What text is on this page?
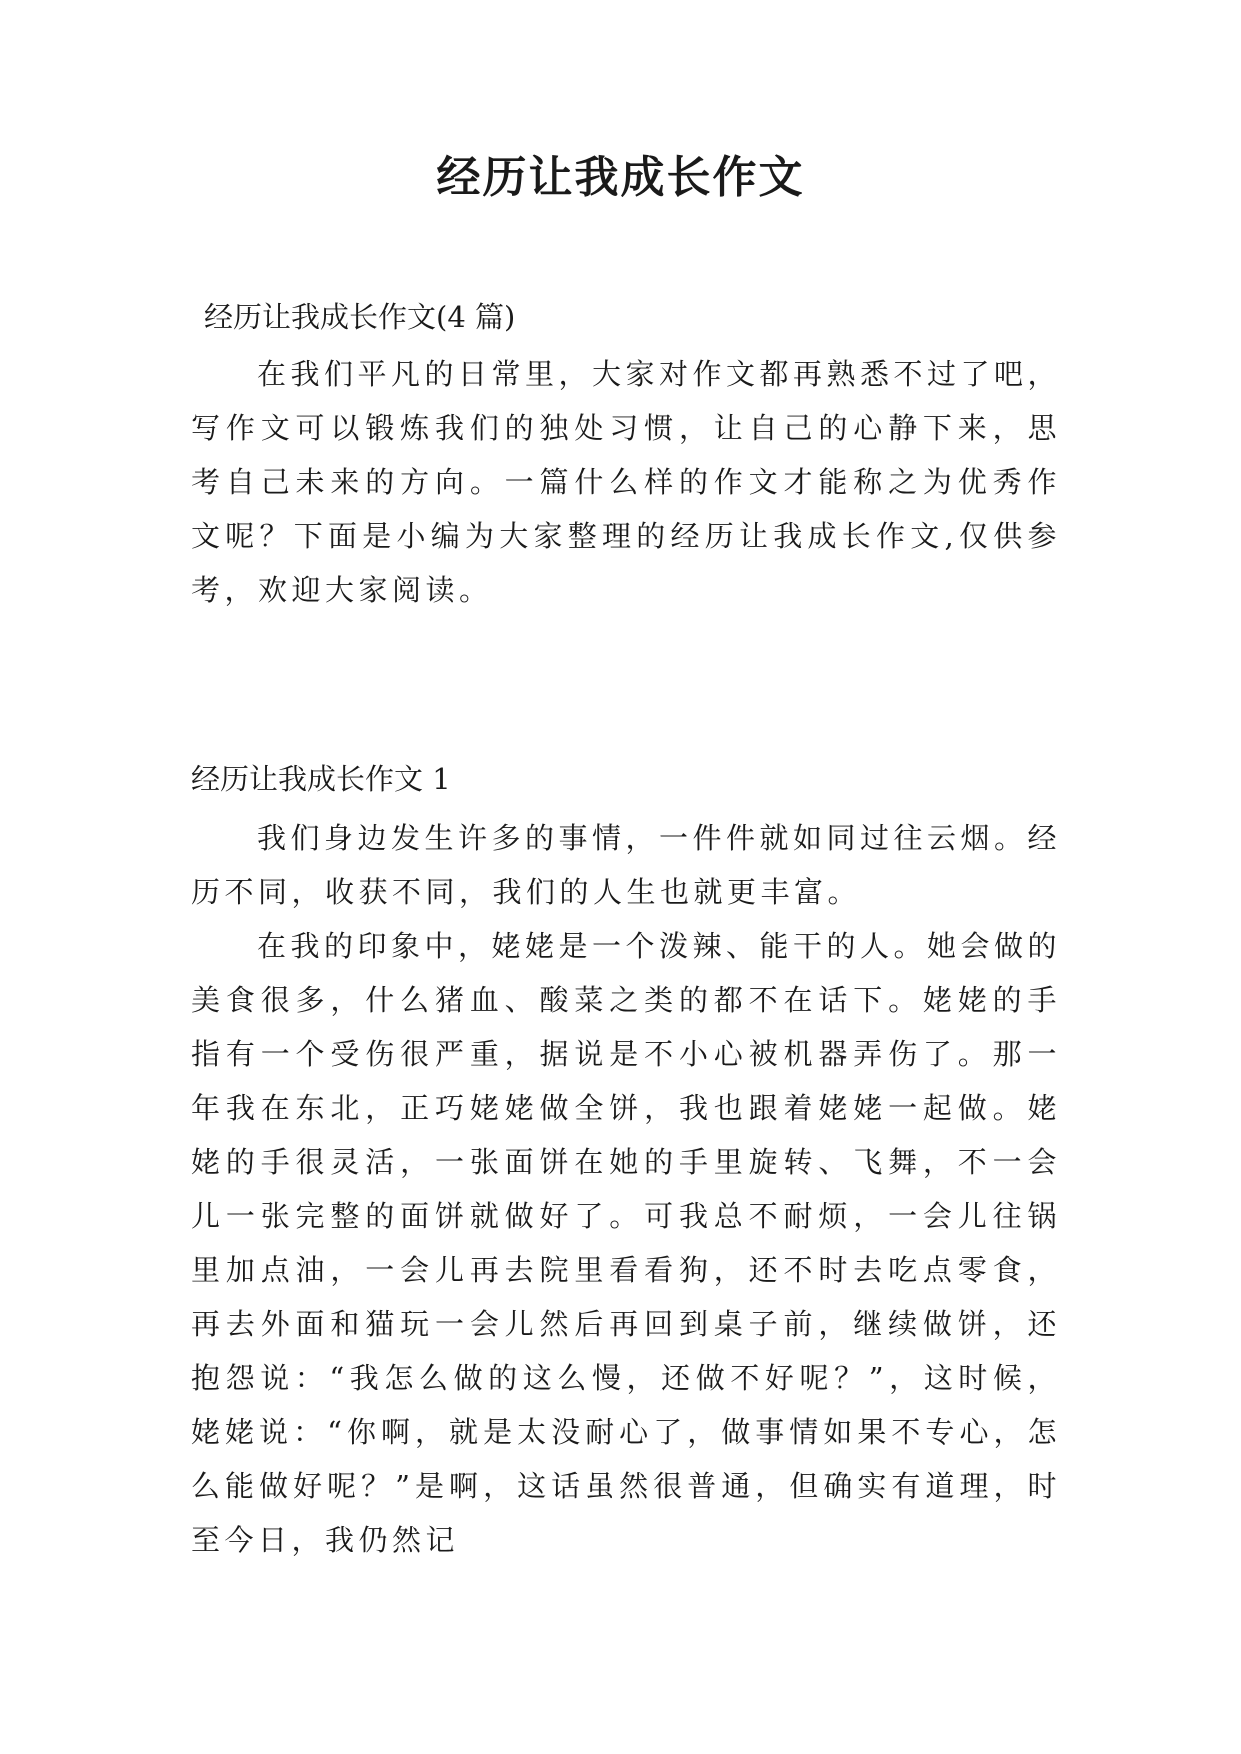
经历让我成长作文

经历让我成长作文(4 篇)

在我们平凡的日常里，大家对作文都再熟悉不过了吧，写作文可以锻炼我们的独处习惯，让自己的心静下来，思考自己未来的方向。一篇什么样的作文才能称之为优秀作文呢？下面是小编为大家整理的经历让我成长作文,仅供参考，欢迎大家阅读。

经历让我成长作文 1

我们身边发生许多的事情，一件件就如同过往云烟。经历不同，收获不同，我们的人生也就更丰富。

在我的印象中，姥姥是一个泼辣、能干的人。她会做的美食很多，什么猪血、酸菜之类的都不在话下。姥姥的手指有一个受伤很严重，据说是不小心被机器弄伤了。那一年我在东北，正巧姥姥做全饼，我也跟着姥姥一起做。姥姥的手很灵活，一张面饼在她的手里旋转、飞舞，不一会儿一张完整的面饼就做好了。可我总不耐烦，一会儿往锅里加点油，一会儿再去院里看看狗，还不时去吃点零食，再去外面和猫玩一会儿然后再回到桌子前，继续做饼，还抱怨说：“我怎么做的这么慢，还做不好呢？”，这时候，姥姥说：“你啊，就是太没耐心了，做事情如果不专心，怎么能做好呢？”是啊，这话虽然很普通，但确实有道理，时至今日，我仍然记
